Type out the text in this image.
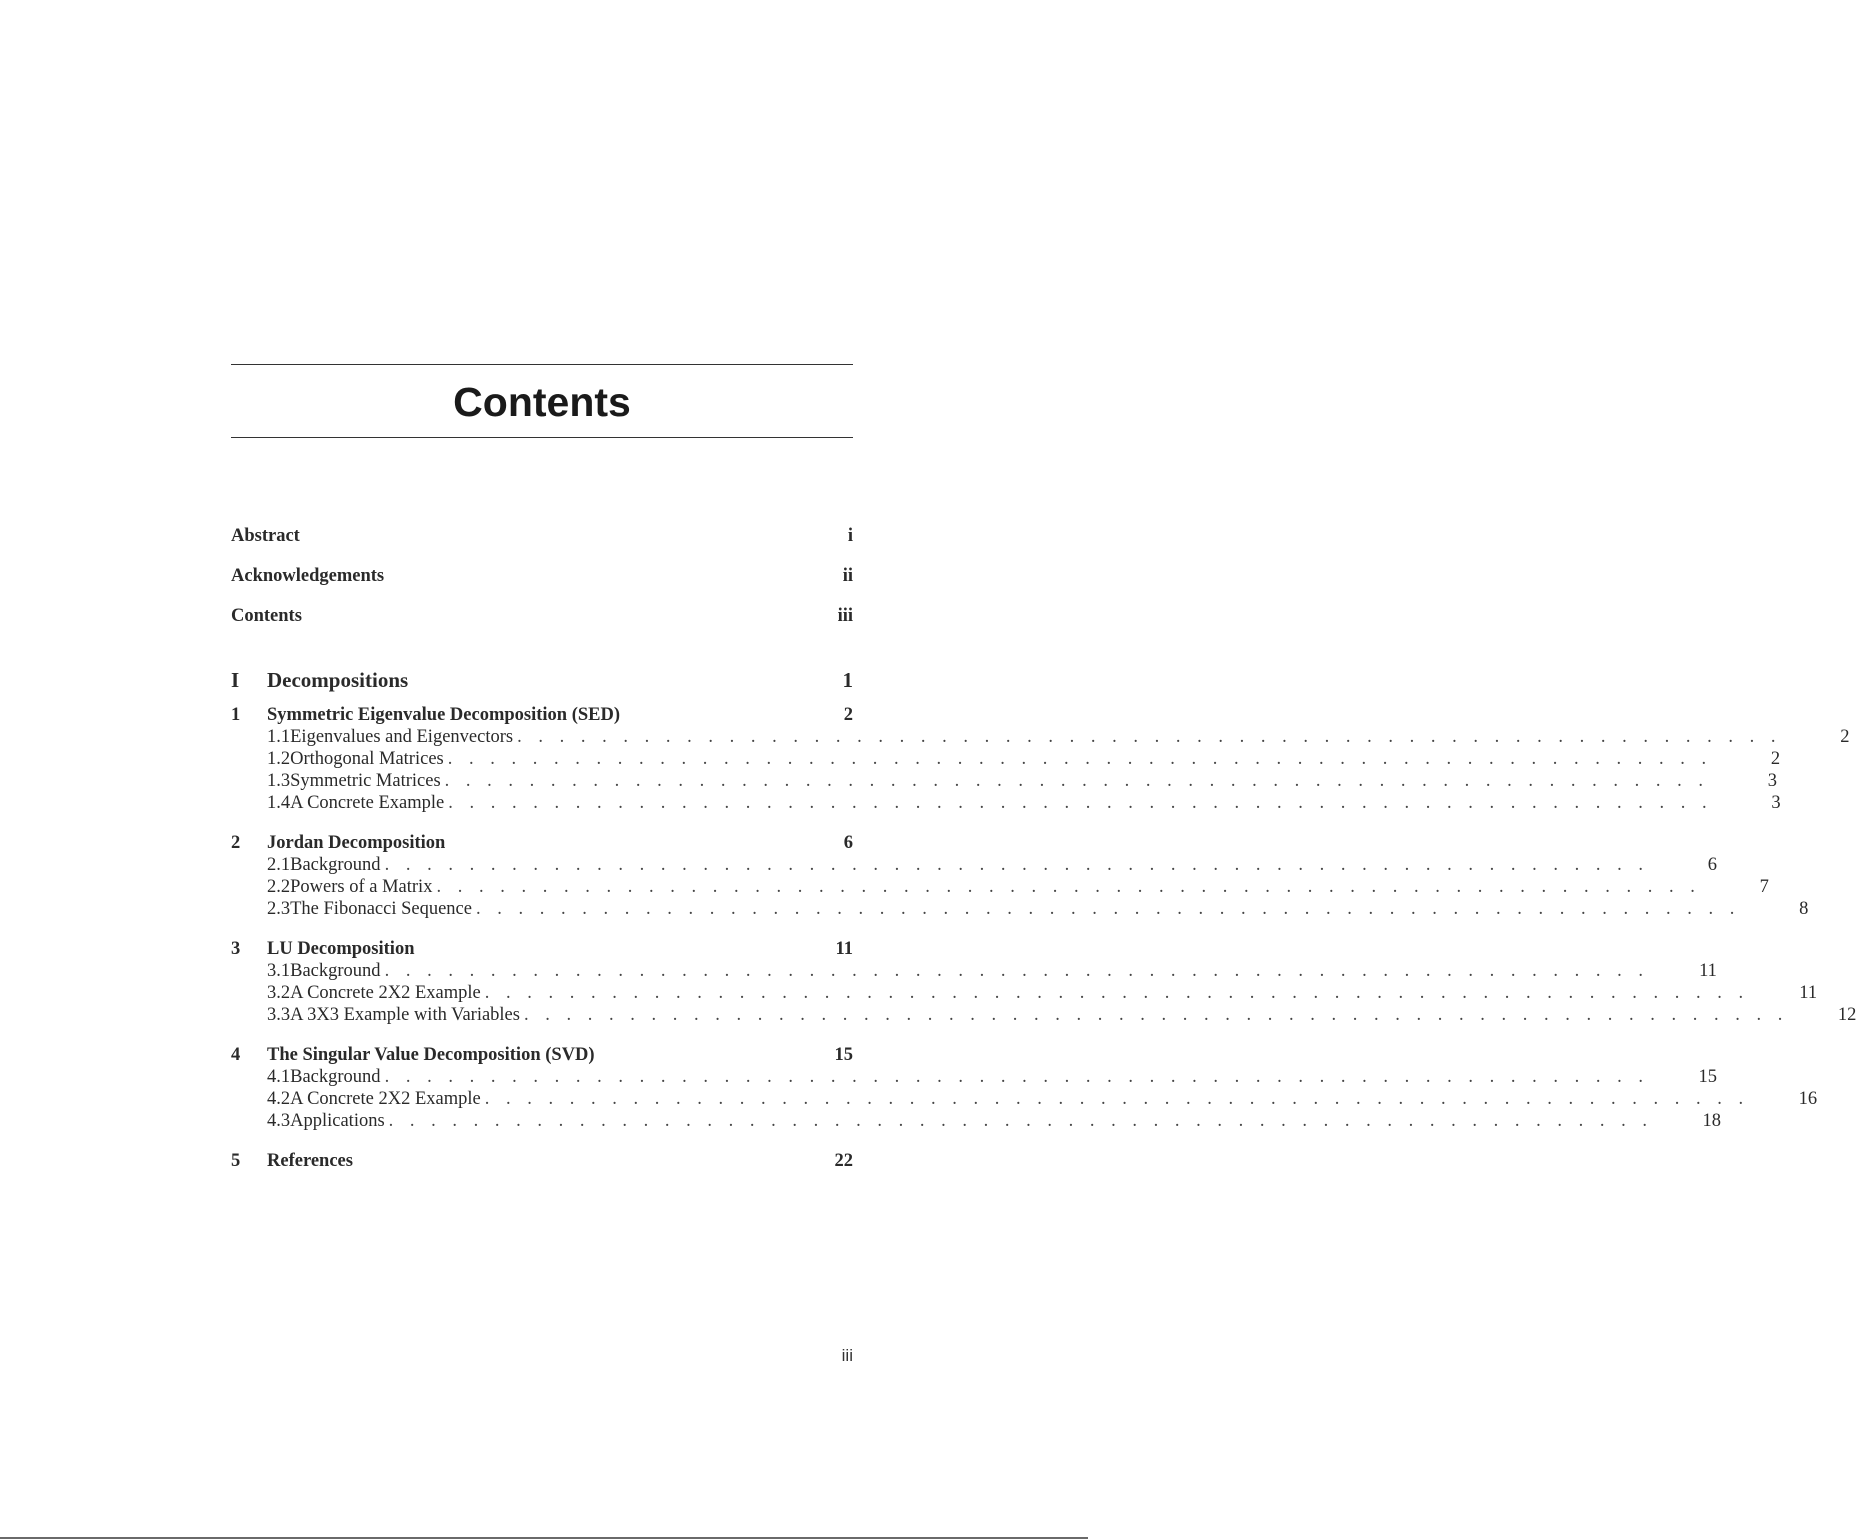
Contents
Abstract	i
Acknowledgements	ii
Contents	iii
I	Decompositions	1
1	Symmetric Eigenvalue Decomposition (SED)	2
1.1 Eigenvalues and Eigenvectors . . . . . . . . . . . . . . . . . . . . . . . . . . . . . . . . . . . . . . . . . . . . . . . . . . . . . . . . . . . .	2
1.2 Orthogonal Matrices . . . . . . . . . . . . . . . . . . . . . . . . . . . . . . . . . . . . . . . . . . . . . . . . . . . . . . . . . . . .	2
1.3 Symmetric Matrices . . . . . . . . . . . . . . . . . . . . . . . . . . . . . . . . . . . . . . . . . . . . . . . . . . . . . . . . . . . .	3
1.4 A Concrete Example . . . . . . . . . . . . . . . . . . . . . . . . . . . . . . . . . . . . . . . . . . . . . . . . . . . . . . . . . . . .	3
2	Jordan Decomposition	6
2.1 Background . . . . . . . . . . . . . . . . . . . . . . . . . . . . . . . . . . . . . . . . . . . . . . . . . . . . . . . . . . . .	6
2.2 Powers of a Matrix . . . . . . . . . . . . . . . . . . . . . . . . . . . . . . . . . . . . . . . . . . . . . . . . . . . . . . . . . . . .	7
2.3 The Fibonacci Sequence . . . . . . . . . . . . . . . . . . . . . . . . . . . . . . . . . . . . . . . . . . . . . . . . . . . . . . . . . . . .	8
3	LU Decomposition	11
3.1 Background . . . . . . . . . . . . . . . . . . . . . . . . . . . . . . . . . . . . . . . . . . . . . . . . . . . . . . . . . . . .	11
3.2 A Concrete 2X2 Example . . . . . . . . . . . . . . . . . . . . . . . . . . . . . . . . . . . . . . . . . . . . . . . . . . . . . . . . . . . .	11
3.3 A 3X3 Example with Variables . . . . . . . . . . . . . . . . . . . . . . . . . . . . . . . . . . . . . . . . . . . . . . . . . . . . . . . . . . . .	12
4	The Singular Value Decomposition (SVD)	15
4.1 Background . . . . . . . . . . . . . . . . . . . . . . . . . . . . . . . . . . . . . . . . . . . . . . . . . . . . . . . . . . . .	15
4.2 A Concrete 2X2 Example . . . . . . . . . . . . . . . . . . . . . . . . . . . . . . . . . . . . . . . . . . . . . . . . . . . . . . . . . . . .	16
4.3 Applications . . . . . . . . . . . . . . . . . . . . . . . . . . . . . . . . . . . . . . . . . . . . . . . . . . . . . . . . . . . .	18
5	References	22
iii
